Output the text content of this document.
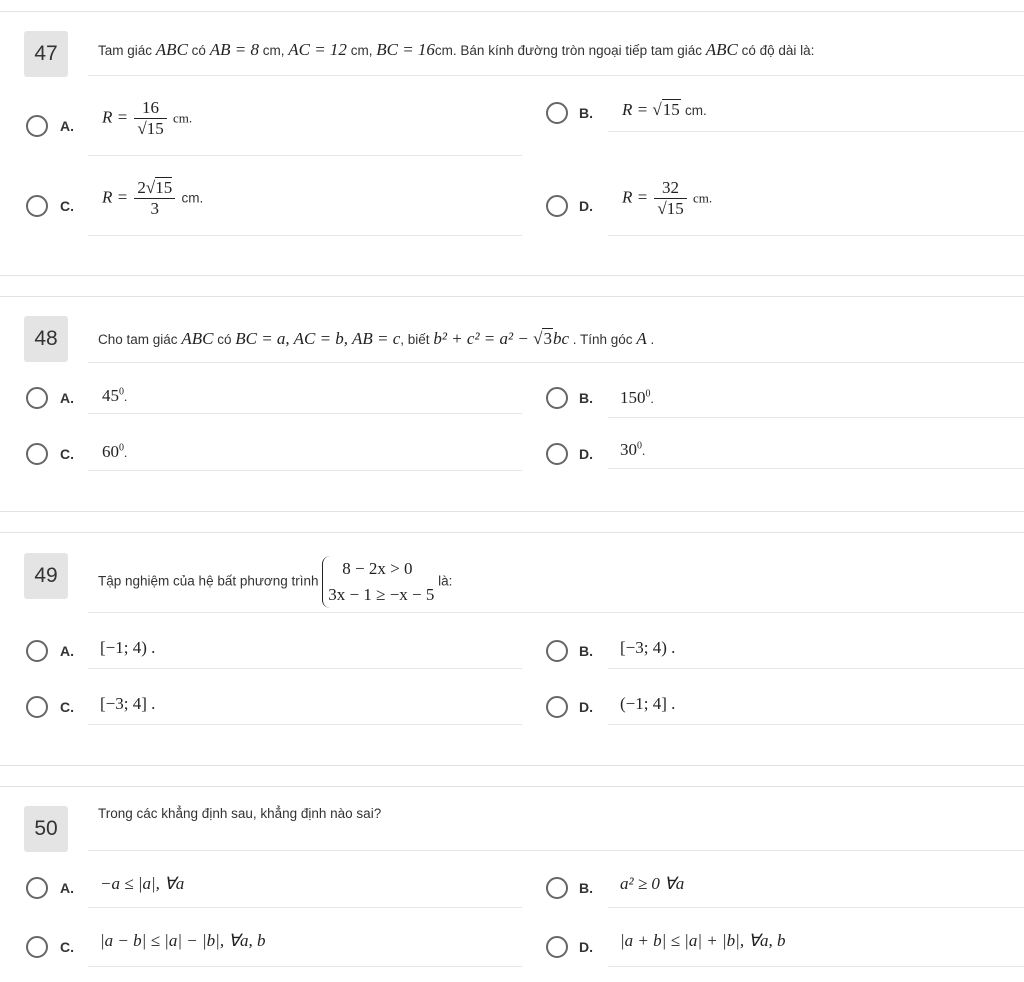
47	Tam giác ABC có AB = 8 cm, AC = 12 cm, BC = 16cm. Bán kính đường tròn ngoại tiếp tam giác ABC có độ dài là:
A. $R = \frac{16}{√15}$ cm.	B. R = √15 cm.
C. $R = \frac{2√15}{3}$ cm.
D. $R = \frac{32}{√15}$ cm.
48	Cho tam giác ABC có BC = a, AC = b, AB = c, biết b² + c² = a² − √3bc . Tính góc A .
A. $45^0$.	B. $150^0$.
C. $60^0$.	D. $30^0$.
49	Tập nghiệm của hệ bất phương trình
8 − 2x > 0
3x − 1 ≥ −x − 5
là:
A. [−1; 4) .	B. [−3; 4) .
C. [−3; 4] .	D. (−1; 4] .
50
Trong các khẳng định sau, khẳng định nào sai?
A. −a ≤ |a|, ∀a	B. a² ≥ 0 ∀a
C. |a − b| ≤ |a| − |b|, ∀a, b	D. |a + b| ≤ |a| + |b|, ∀a, b
